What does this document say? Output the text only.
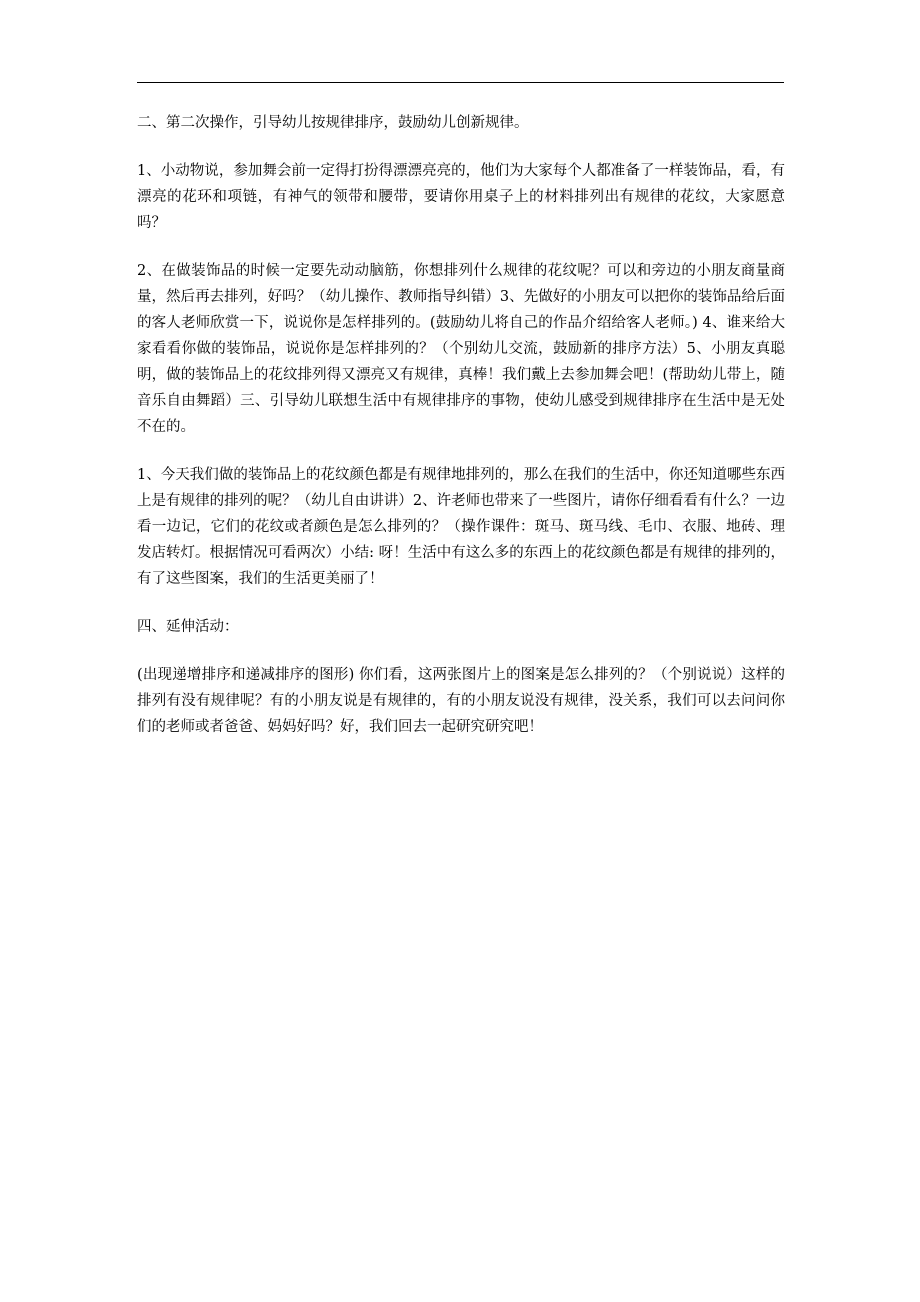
二、第二次操作，引导幼儿按规律排序，鼓励幼儿创新规律。

1、小动物说，参加舞会前一定得打扮得漂漂亮亮的，他们为大家每个人都准备了一样装饰品，看，有漂亮的花环和项链，有神气的领带和腰带，要请你用桌子上的材料排列出有规律的花纹，大家愿意吗？

2、在做装饰品的时候一定要先动动脑筋，你想排列什么规律的花纹呢？可以和旁边的小朋友商量商量，然后再去排列，好吗？（幼儿操作、教师指导纠错）3、先做好的小朋友可以把你的装饰品给后面的客人老师欣赏一下，说说你是怎样排列的。(鼓励幼儿将自己的作品介绍给客人老师。) 4、谁来给大家看看你做的装饰品，说说你是怎样排列的？（个别幼儿交流，鼓励新的排序方法）5、小朋友真聪明，做的装饰品上的花纹排列得又漂亮又有规律，真棒！我们戴上去参加舞会吧！(帮助幼儿带上，随音乐自由舞蹈）三、引导幼儿联想生活中有规律排序的事物，使幼儿感受到规律排序在生活中是无处不在的。

1、今天我们做的装饰品上的花纹颜色都是有规律地排列的，那么在我们的生活中，你还知道哪些东西上是有规律的排列的呢？（幼儿自由讲讲）2、许老师也带来了一些图片，请你仔细看看有什么？一边看一边记，它们的花纹或者颜色是怎么排列的？（操作课件：斑马、斑马线、毛巾、衣服、地砖、理发店转灯。根据情况可看两次）小结: 呀！生活中有这么多的东西上的花纹颜色都是有规律的排列的，有了这些图案，我们的生活更美丽了！

四、延伸活动：

(出现递增排序和递减排序的图形) 你们看，这两张图片上的图案是怎么排列的？（个别说说）这样的排列有没有规律呢？有的小朋友说是有规律的，有的小朋友说没有规律，没关系，我们可以去问问你们的老师或者爸爸、妈妈好吗？好，我们回去一起研究研究吧！
